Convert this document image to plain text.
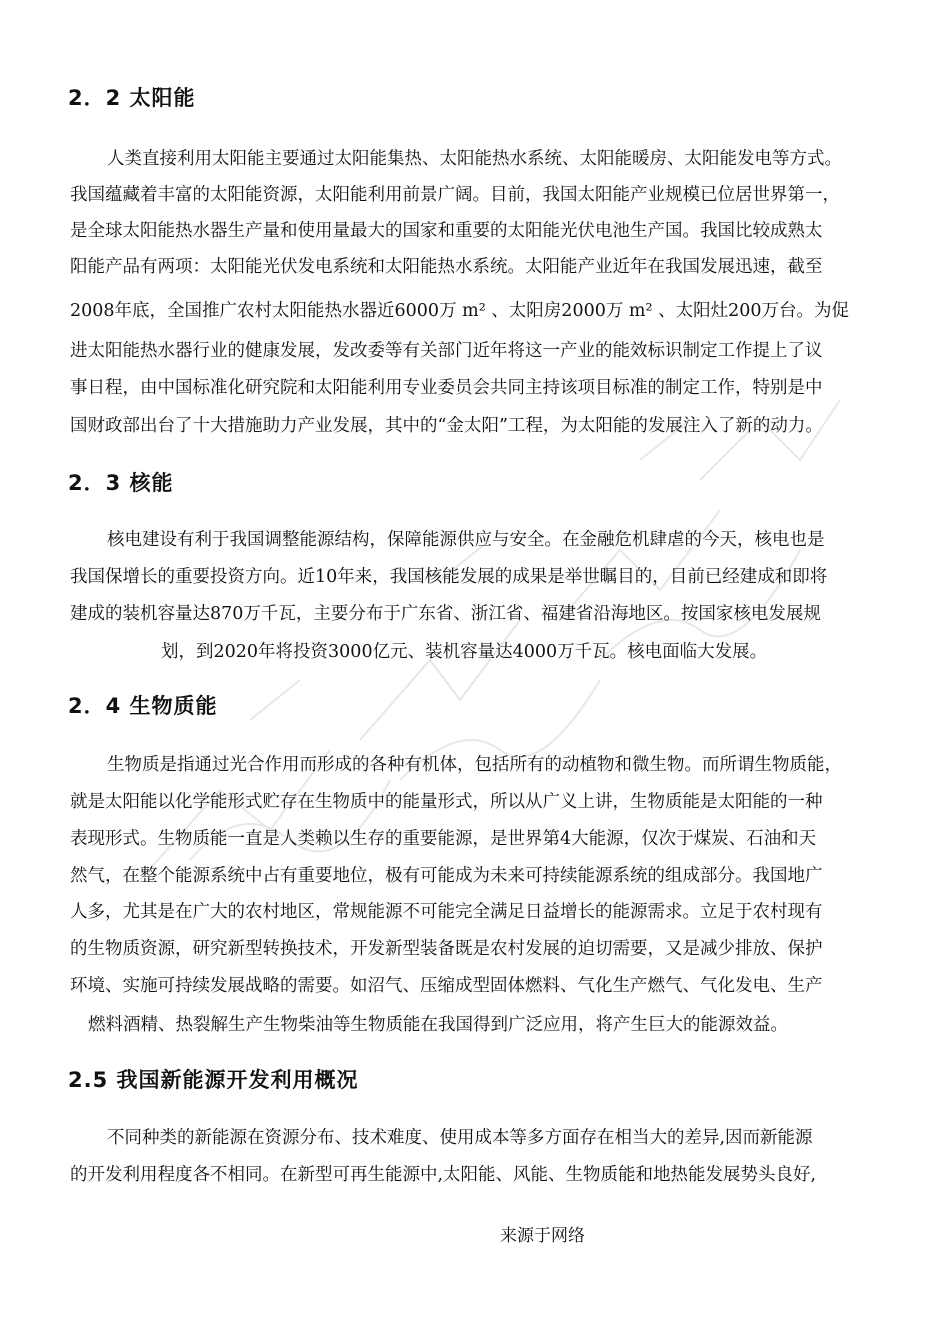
2．2 太阳能
人类直接利用太阳能主要通过太阳能集热、太阳能热水系统、太阳能暖房、太阳能发电等方式。
我国蕴藏着丰富的太阳能资源，太阳能利用前景广阔。目前，我国太阳能产业规模已位居世界第一，
是全球太阳能热水器生产量和使用量最大的国家和重要的太阳能光伏电池生产国。我国比较成熟太
阳能产品有两项：太阳能光伏发电系统和太阳能热水系统。太阳能产业近年在我国发展迅速，截至
2008年底，全国推广农村太阳能热水器近6000万 m² 、太阳房2000万 m² 、太阳灶200万台。为促
进太阳能热水器行业的健康发展，发改委等有关部门近年将这一产业的能效标识制定工作提上了议
事日程，由中国标准化研究院和太阳能利用专业委员会共同主持该项目标准的制定工作，特别是中
国财政部出台了十大措施助力产业发展，其中的“金太阳”工程，为太阳能的发展注入了新的动力。
2．3 核能
核电建设有利于我国调整能源结构，保障能源供应与安全。在金融危机肆虐的今天，核电也是
我国保增长的重要投资方向。近10年来，我国核能发展的成果是举世瞩目的，目前已经建成和即将
建成的装机容量达870万千瓦，主要分布于广东省、浙江省、福建省沿海地区。按国家核电发展规
划，到2020年将投资3000亿元、装机容量达4000万千瓦。核电面临大发展。
2．4 生物质能
生物质是指通过光合作用而形成的各种有机体，包括所有的动植物和微生物。而所谓生物质能，
就是太阳能以化学能形式贮存在生物质中的能量形式，所以从广义上讲，生物质能是太阳能的一种
表现形式。生物质能一直是人类赖以生存的重要能源，是世界第4大能源，仅次于煤炭、石油和天
然气，在整个能源系统中占有重要地位，极有可能成为未来可持续能源系统的组成部分。我国地广
人多，尤其是在广大的农村地区，常规能源不可能完全满足日益增长的能源需求。立足于农村现有
的生物质资源，研究新型转换技术，开发新型装备既是农村发展的迫切需要，又是减少排放、保护
环境、实施可持续发展战略的需要。如沼气、压缩成型固体燃料、气化生产燃气、气化发电、生产
燃料酒精、热裂解生产生物柴油等生物质能在我国得到广泛应用，将产生巨大的能源效益。
2.5 我国新能源开发利用概况
不同种类的新能源在资源分布、技术难度、使用成本等多方面存在相当大的差异,因而新能源
的开发利用程度各不相同。在新型可再生能源中,太阳能、风能、生物质能和地热能发展势头良好,
来源于网络
